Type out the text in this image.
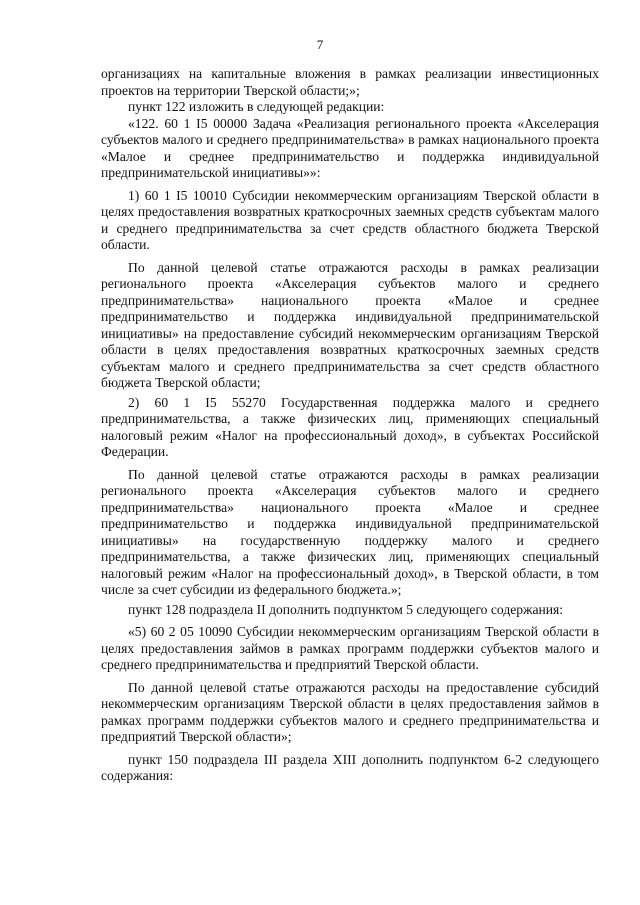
7

организациях на капитальные вложения в рамках реализации инвестиционных проектов на территории Тверской области;»;

пункт 122 изложить в следующей редакции:

«122. 60 1 I5 00000 Задача «Реализация регионального проекта «Акселерация субъектов малого и среднего предпринимательства» в рамках национального проекта «Малое и среднее предпринимательство и поддержка индивидуальной предпринимательской инициативы»»:

1) 60 1 I5 10010 Субсидии некоммерческим организациям Тверской области в целях предоставления возвратных краткосрочных заемных средств субъектам малого и среднего предпринимательства за счет средств областного бюджета Тверской области.

По данной целевой статье отражаются расходы в рамках реализации регионального проекта «Акселерация субъектов малого и среднего предпринимательства» национального проекта «Малое и среднее предпринимательство и поддержка индивидуальной предпринимательской инициативы» на предоставление субсидий некоммерческим организациям Тверской области в целях предоставления возвратных краткосрочных заемных средств субъектам малого и среднего предпринимательства за счет средств областного бюджета Тверской области;

2) 60 1 I5 55270 Государственная поддержка малого и среднего предпринимательства, а также физических лиц, применяющих специальный налоговый режим «Налог на профессиональный доход», в субъектах Российской Федерации.

По данной целевой статье отражаются расходы в рамках реализации регионального проекта «Акселерация субъектов малого и среднего предпринимательства» национального проекта «Малое и среднее предпринимательство и поддержка индивидуальной предпринимательской инициативы» на государственную поддержку малого и среднего предпринимательства, а также физических лиц, применяющих специальный налоговый режим «Налог на профессиональный доход», в Тверской области, в том числе за счет субсидии из федерального бюджета.»;

пункт 128 подраздела II дополнить подпунктом 5 следующего содержания:

«5) 60 2 05 10090 Субсидии некоммерческим организациям Тверской области в целях предоставления займов в рамках программ поддержки субъектов малого и среднего предпринимательства и предприятий Тверской области.

По данной целевой статье отражаются расходы на предоставление субсидий некоммерческим организациям Тверской области в целях предоставления займов в рамках программ поддержки субъектов малого и среднего предпринимательства и предприятий Тверской области»;

пункт 150 подраздела III раздела XIII дополнить подпунктом 6-2 следующего содержания:
